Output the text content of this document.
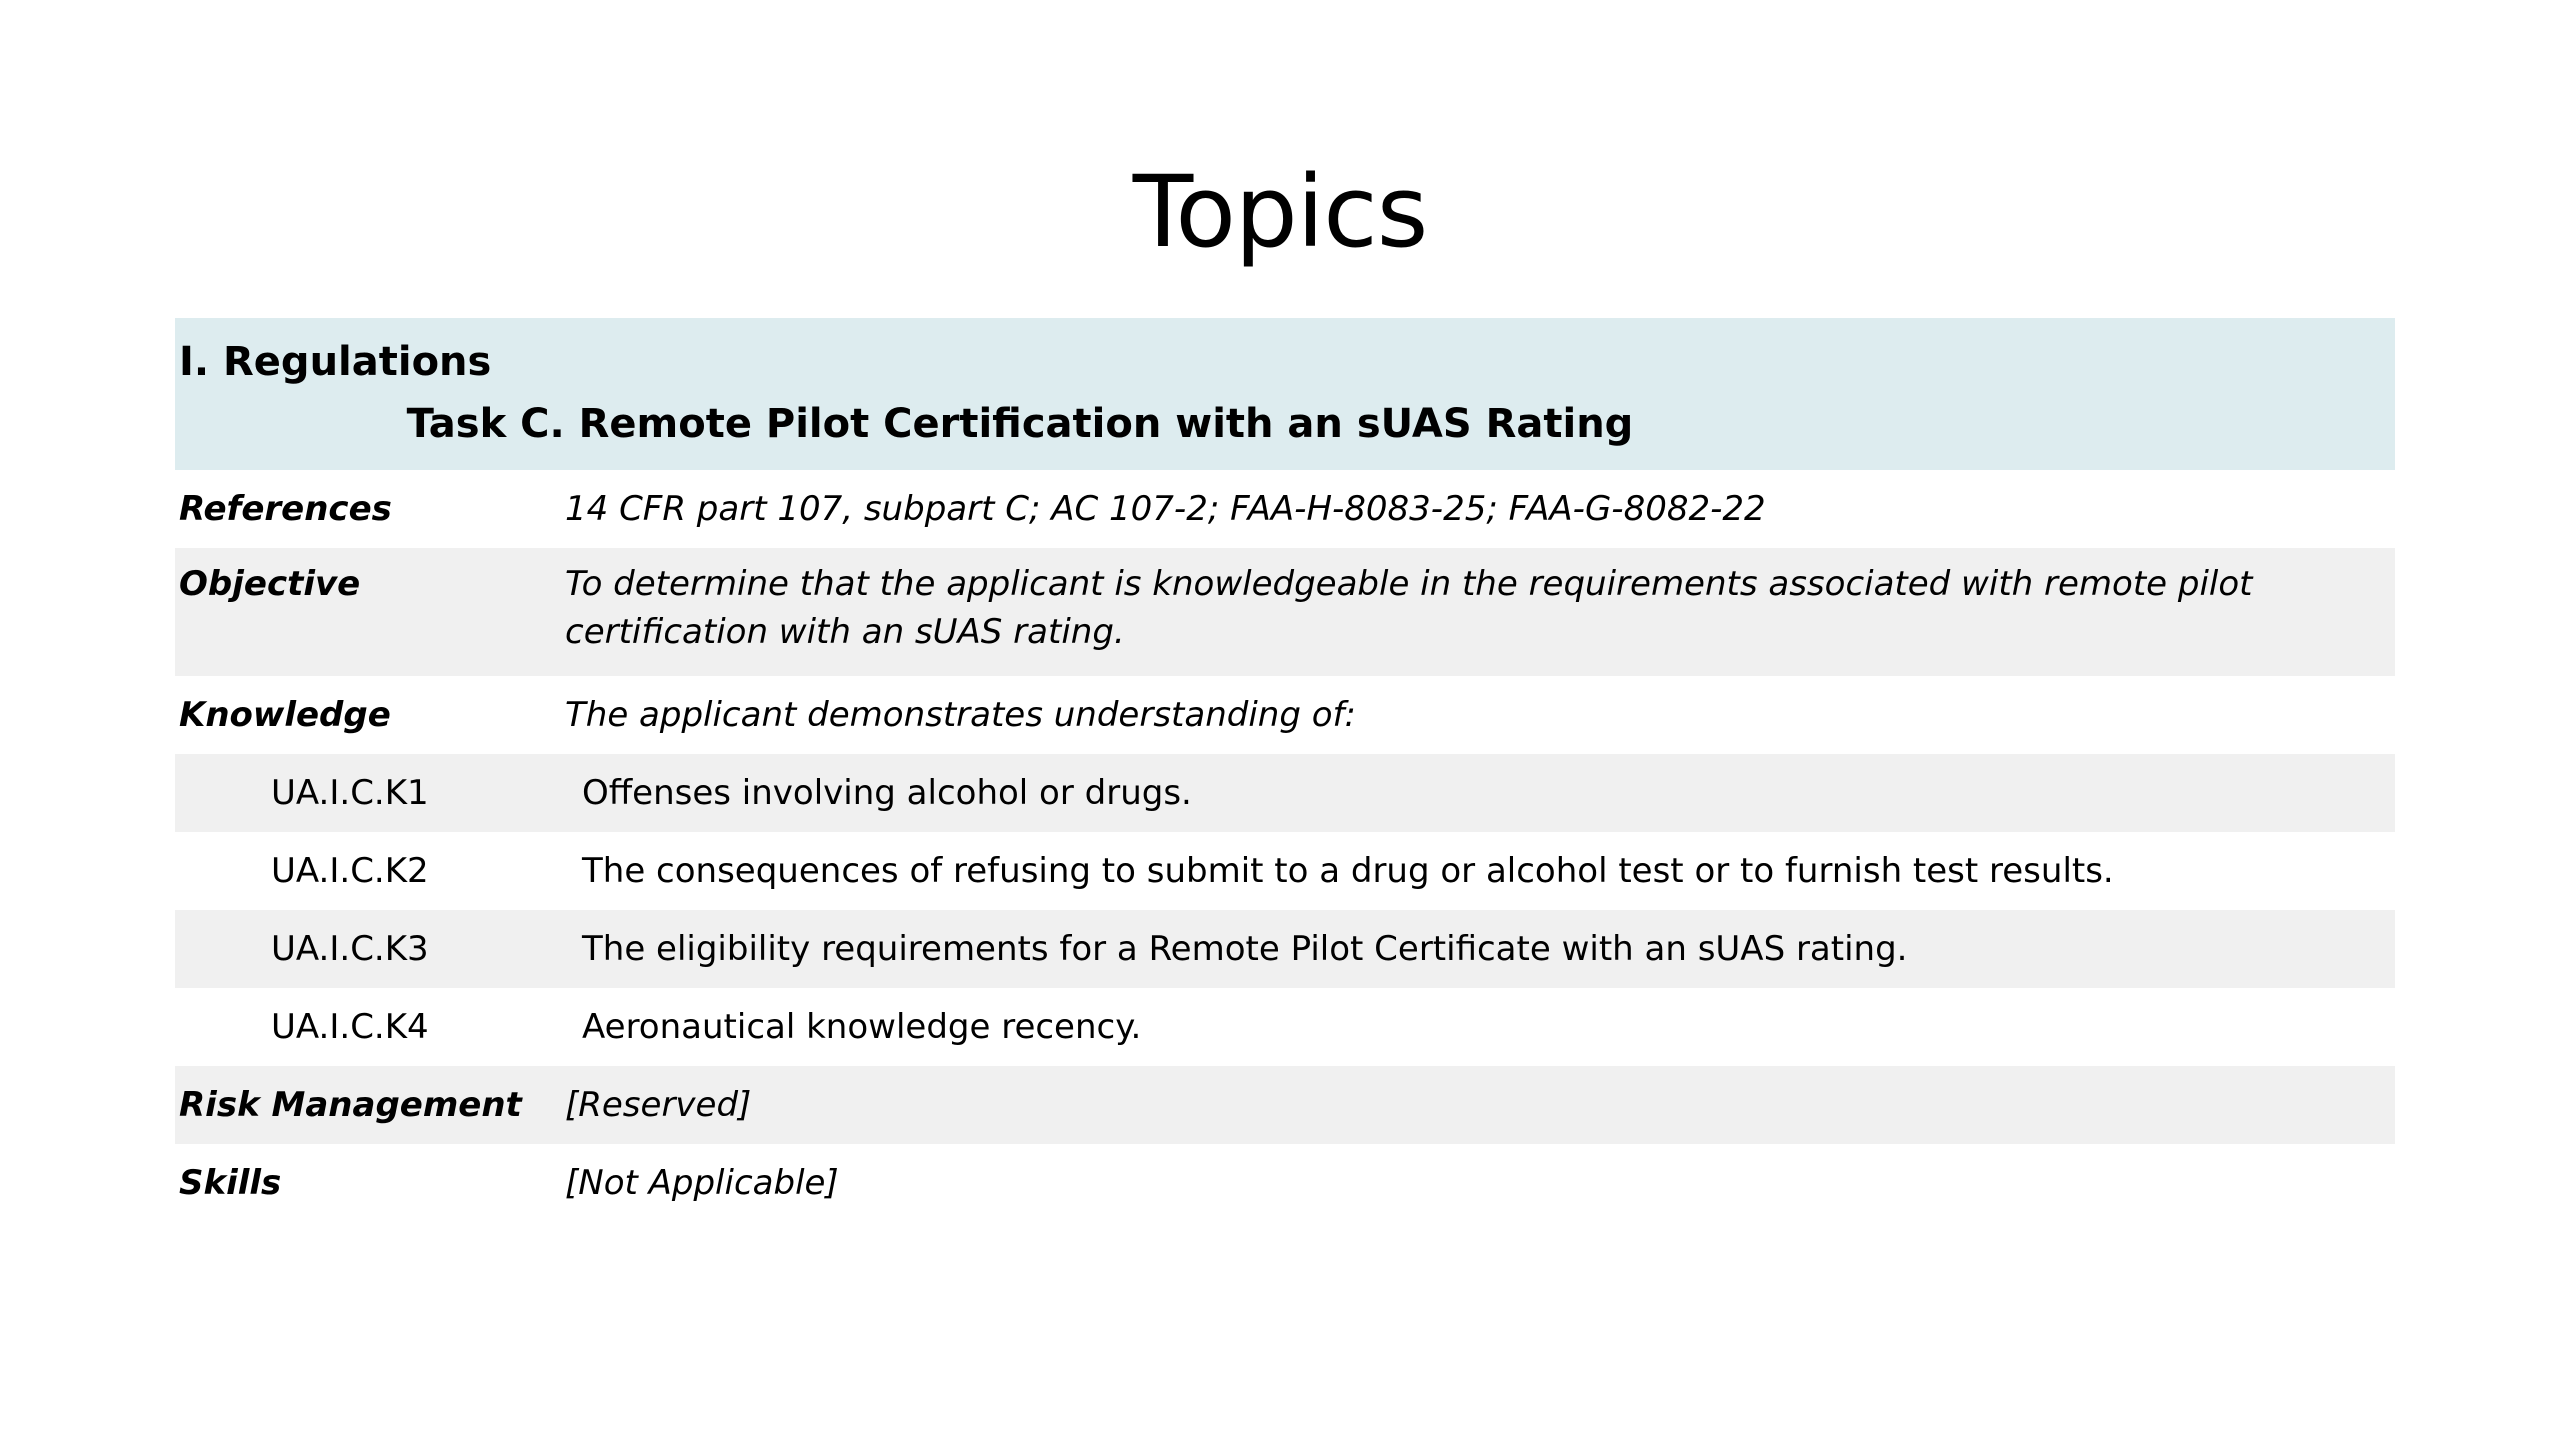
Topics
I. Regulations
Task C. Remote Pilot Certification with an sUAS Rating
References	14 CFR part 107, subpart C; AC 107-2; FAA-H-8083-25; FAA-G-8082-22
Objective	To determine that the applicant is knowledgeable in the requirements associated with remote pilot certification with an sUAS rating.
Knowledge	The applicant demonstrates understanding of:
UA.I.C.K1	Offenses involving alcohol or drugs.
UA.I.C.K2	The consequences of refusing to submit to a drug or alcohol test or to furnish test results.
UA.I.C.K3	The eligibility requirements for a Remote Pilot Certificate with an sUAS rating.
UA.I.C.K4	Aeronautical knowledge recency.
Risk Management	[Reserved]
Skills	[Not Applicable]
